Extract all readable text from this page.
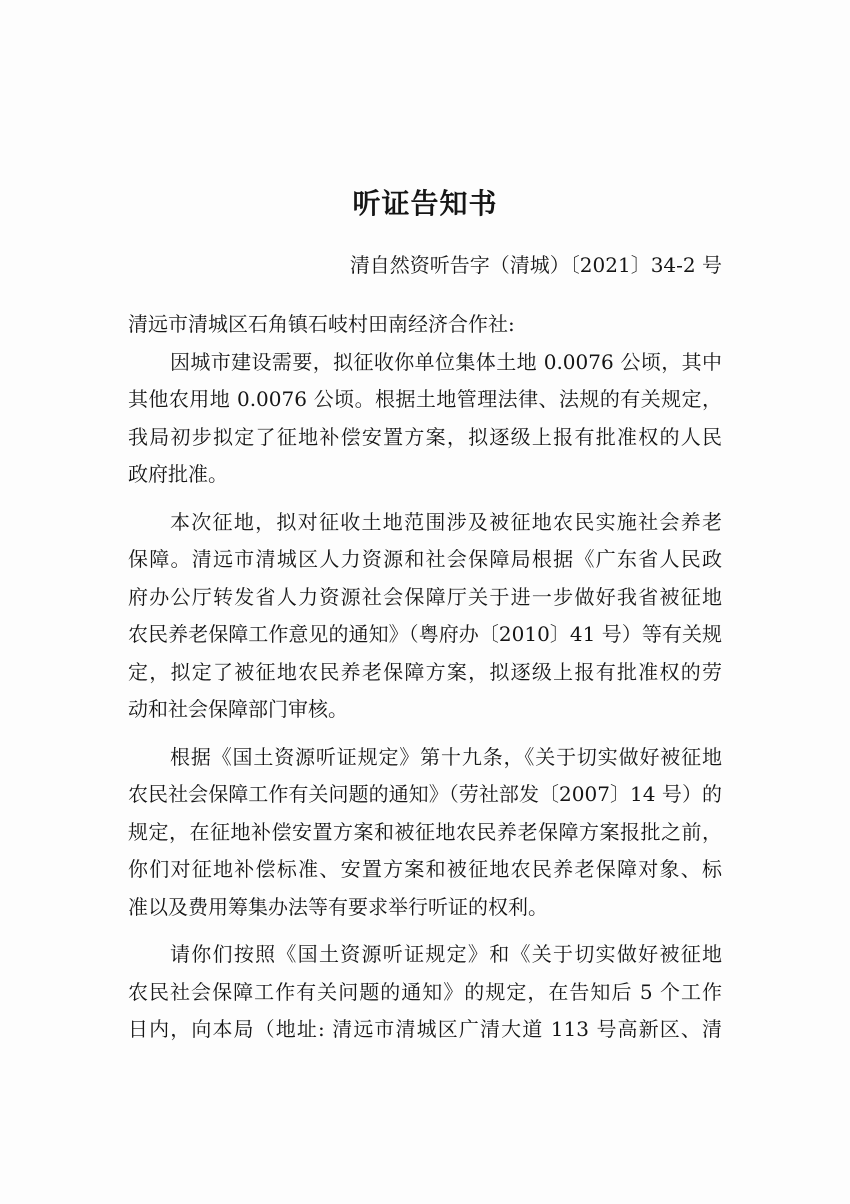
听证告知书
清自然资听告字（清城）〔2021〕34-2 号
清远市清城区石角镇石岐村田南经济合作社:
因城市建设需要，拟征收你单位集体土地 0.0076 公顷，其中
其他农用地 0.0076 公顷。根据土地管理法律、法规的有关规定，
我局初步拟定了征地补偿安置方案，拟逐级上报有批准权的人民
政府批准。
本次征地，拟对征收土地范围涉及被征地农民实施社会养老
保障。清远市清城区人力资源和社会保障局根据《广东省人民政
府办公厅转发省人力资源社会保障厅关于进一步做好我省被征地
农民养老保障工作意见的通知》（粤府办〔2010〕41 号）等有关规
定，拟定了被征地农民养老保障方案，拟逐级上报有批准权的劳
动和社会保障部门审核。
根据《国土资源听证规定》第十九条，《关于切实做好被征地
农民社会保障工作有关问题的通知》（劳社部发〔2007〕14 号）的
规定，在征地补偿安置方案和被征地农民养老保障方案报批之前，
你们对征地补偿标准、安置方案和被征地农民养老保障对象、标
准以及费用筹集办法等有要求举行听证的权利。
请你们按照《国土资源听证规定》和《关于切实做好被征地
农民社会保障工作有关问题的通知》的规定，在告知后 5 个工作
日内，向本局（地址: 清远市清城区广清大道 113 号高新区、清
